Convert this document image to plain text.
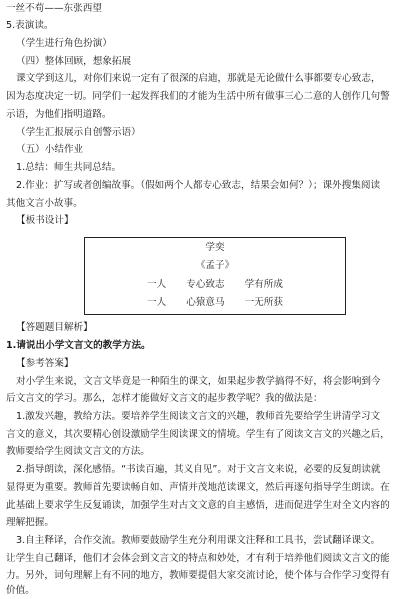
一丝不苟——东张西望
5.表演读。
（学生进行角色扮演）
（四）整体回顾，想象拓展
课文学到这儿，对你们来说一定有了很深的启迪，那就是无论做什么事都要专心致志，
因为态度决定一切。同学们一起发挥我们的才能为生活中所有做事三心二意的人创作几句警
示语，为他们指明道路。
（学生汇报展示自创警示语）
（五）小结作业
1.总结：师生共同总结。
2.作业：扩写或者创编故事。（假如两个人都专心致志，结果会如何？）；课外搜集阅读
其他文言小故事。
【板书设计】
学奕
《孟子》
一人 专心致志 学有所成
一人 心猿意马 一无所获
【答题题目解析】
1.请说出小学文言文的教学方法。
【参考答案】
对小学生来说，文言文毕竟是一种陌生的课文，如果起步教学搞得不好，将会影响到今
后文言文的学习。那么，怎样才能做好文言文的起步教学呢？我的做法是：
1.激发兴趣，教给方法。要培养学生阅读文言文的兴趣，教师首先要给学生讲清学习文
言文的意义，其次要精心创设激励学生阅读课文的情境。学生有了阅读文言文的兴趣之后，
教师要给学生阅读文言文的方法。
2.指导朗读，深化感悟。“书读百遍，其义自见”。对于文言文来说，必要的反复朗读就
显得更为重要。教师首先要读畅自如、声情并茂地范读课文，然后再逐句指导学生朗读。在
此基础上要求学生反复诵读，加强学生对古文文意的自主感悟，进而促进学生对全文内容的
理解把握。
3.自主释译，合作交流。教师要鼓励学生充分利用课文注释和工具书，尝试翻译课文。
让学生自己翻译，他们才会体会到文言文的特点和妙处，才有利于培养他们阅读文言文的能
力。另外，词句理解上有不同的地方，教师要提倡大家交流讨论，使个体与合作学习变得有
价值。
